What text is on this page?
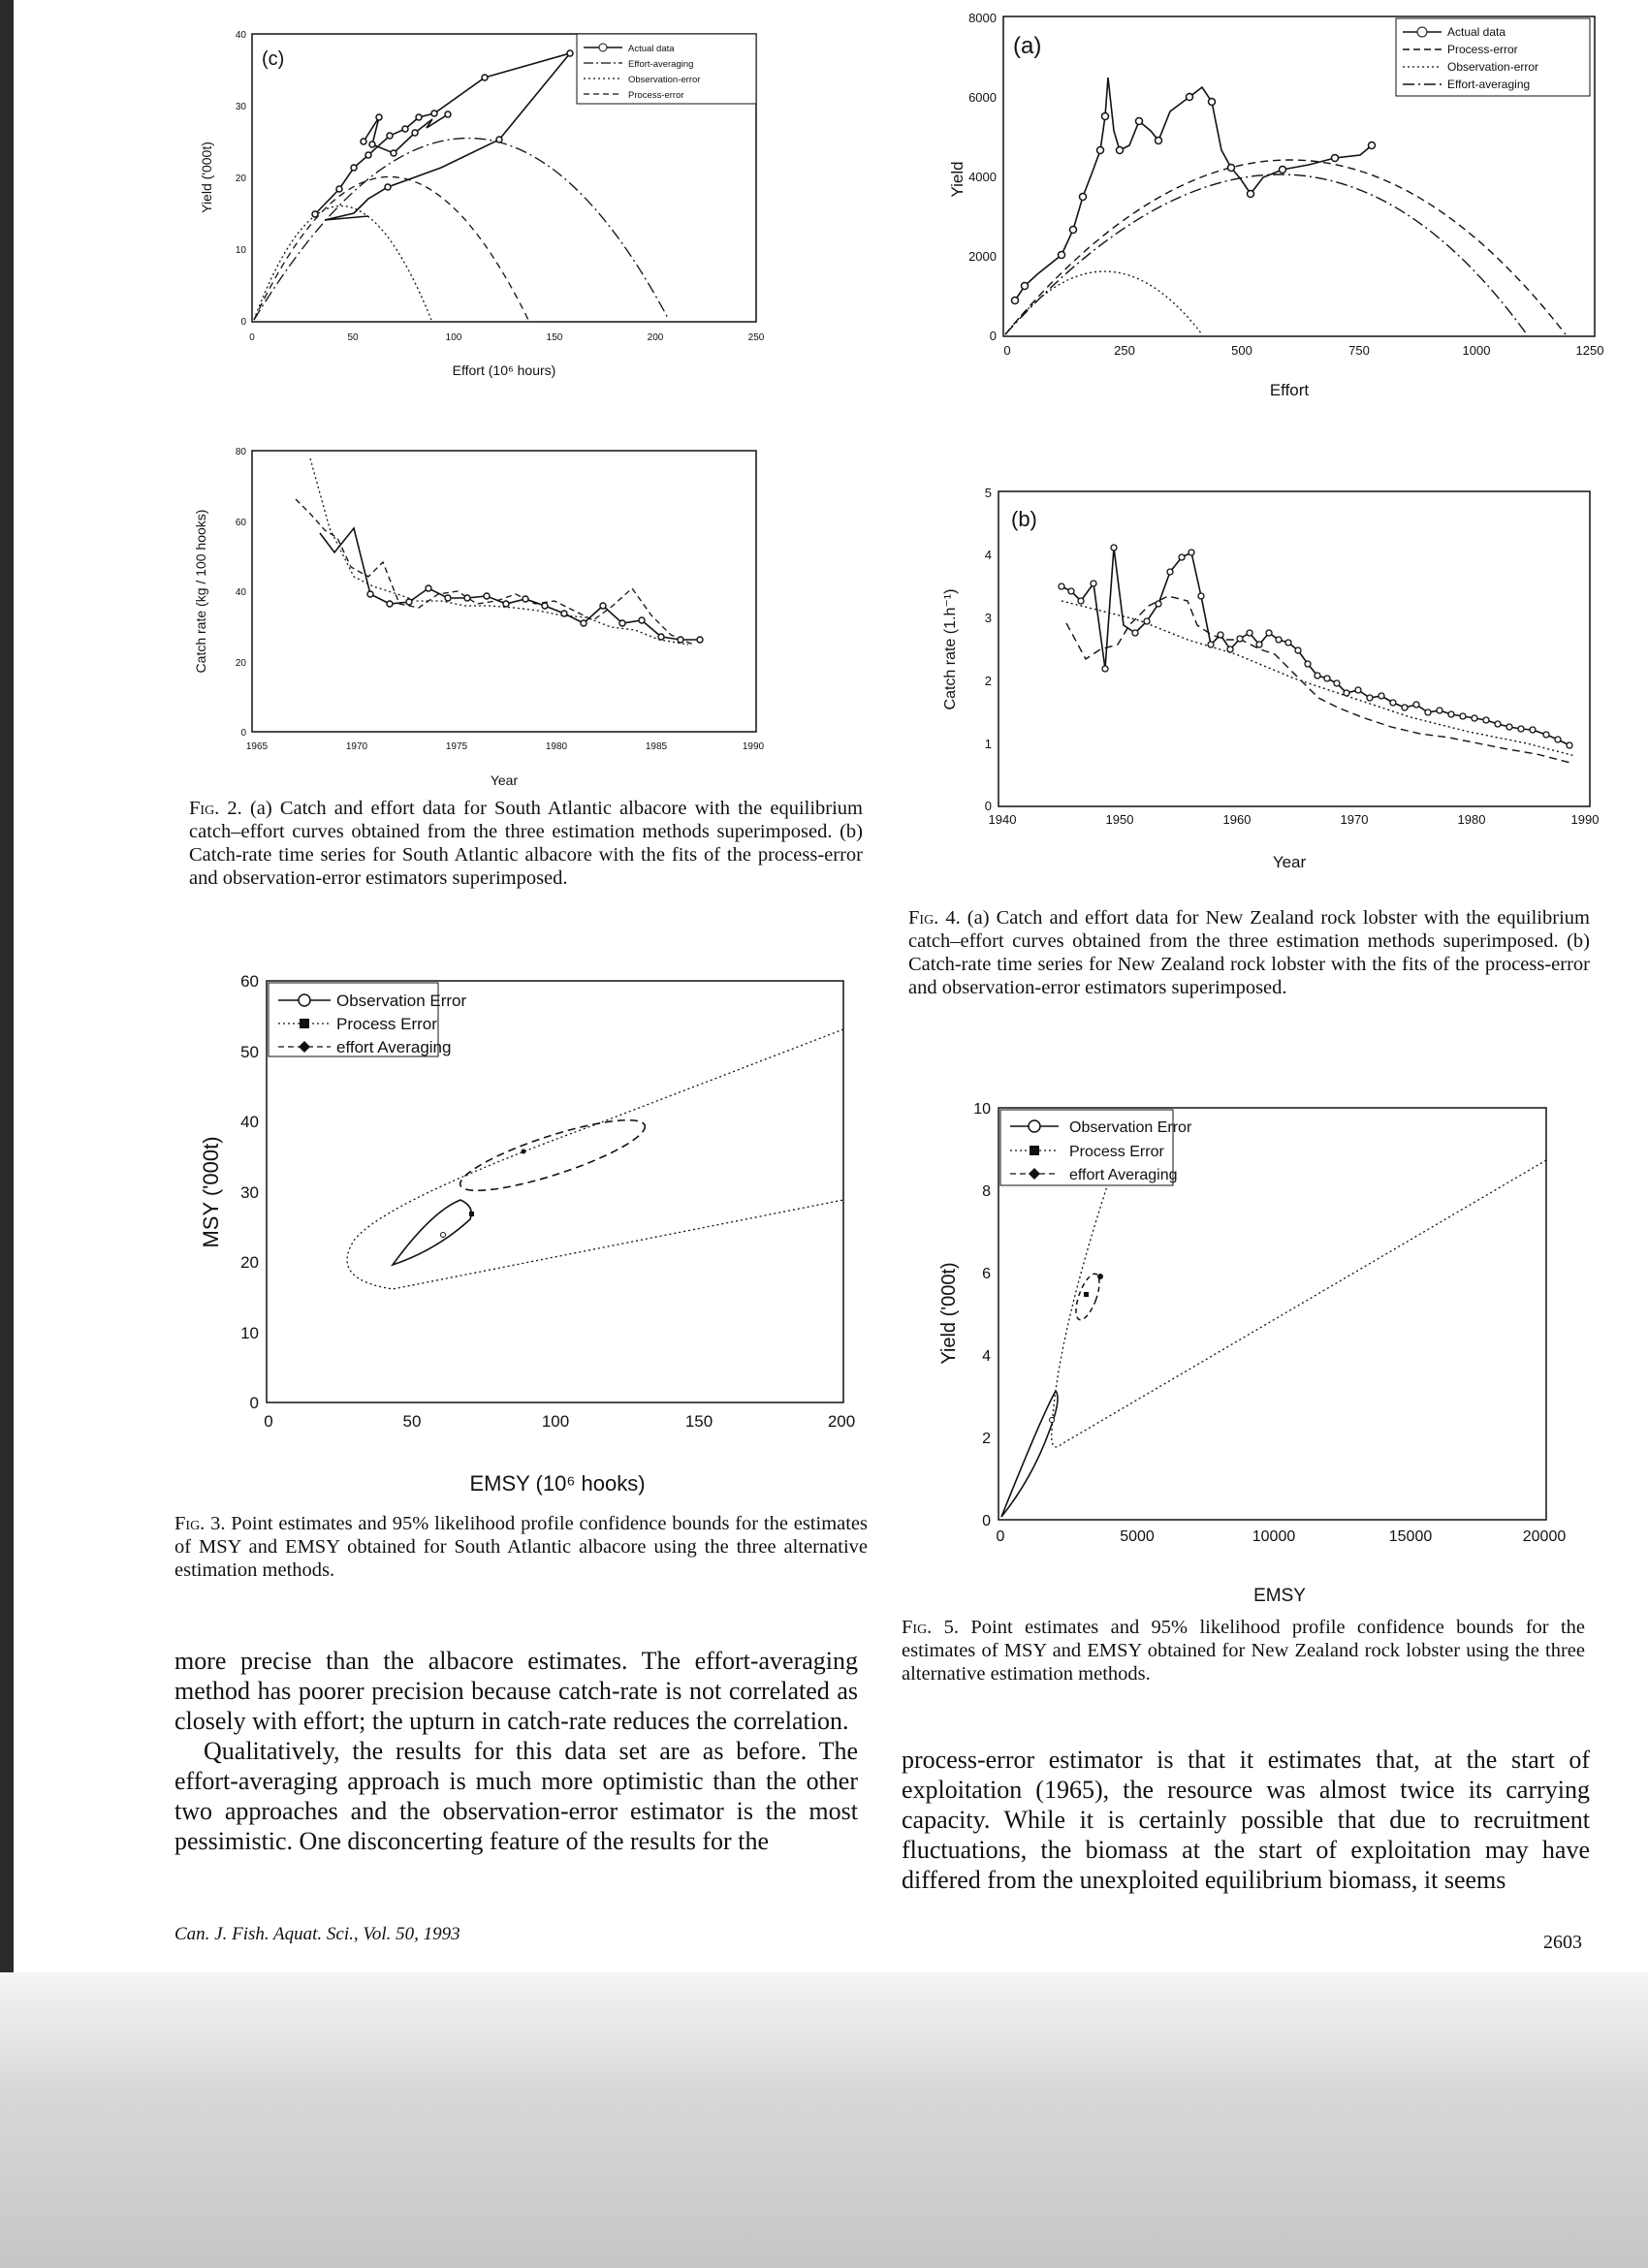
(c)
0	50	100	150	200	250
0
10
20
30
40
Effort (10⁶ hours)
Yield ('000t)
Actual data
Effort-averaging
Observation-error
Process-error
1965	1970	1975	1980	1985	1990
0
20
40
60
80
Year
Catch rate (kg / 100 hooks)
Fig. 2. (a) Catch and effort data for South Atlantic albacore with the equilibrium catch–effort curves obtained from the three estimation methods superimposed. (b) Catch-rate time series for South Atlantic albacore with the fits of the process-error and observation-error estimators superimposed.
0	50	100	150	200
0
10
20
30
40
50
60
EMSY (10⁶ hooks)
MSY ('000t)
Observation Error
Process Error
effort Averaging
Fig. 3. Point estimates and 95% likelihood profile confidence bounds for the estimates of MSY and EMSY obtained for South Atlantic albacore using the three alternative estimation methods.

more precise than the albacore estimates. The effort-averaging method has poorer precision because catch-rate is not correlated as closely with effort; the upturn in catch-rate reduces the correlation.

Qualitatively, the results for this data set are as before. The effort-averaging approach is much more optimistic than the other two approaches and the observation-error estimator is the most pessimistic. One disconcerting feature of the results for the

Can. J. Fish. Aquat. Sci., Vol. 50, 1993
(a)
0	250	500	750	1000	1250
0
2000
4000
6000
8000
Effort
Yield
Actual data
Process-error
Observation-error
Effort-averaging
(b)
1940	1950	1960	1970	1980	1990
0
1
2
3
4
5
Year
Catch rate (1.h⁻¹)
Fig. 4. (a) Catch and effort data for New Zealand rock lobster with the equilibrium catch–effort curves obtained from the three estimation methods superimposed. (b) Catch-rate time series for New Zealand rock lobster with the fits of the process-error and observation-error estimators superimposed.
0	5000	10000	15000	20000
0
2
4
6
8
10
EMSY
Yield ('000t)
Observation Error
Process Error
effort Averaging
Fig. 5. Point estimates and 95% likelihood profile confidence bounds for the estimates of MSY and EMSY obtained for New Zealand rock lobster using the three alternative estimation methods.

process-error estimator is that it estimates that, at the start of exploitation (1965), the resource was almost twice its carrying capacity. While it is certainly possible that due to recruitment fluctuations, the biomass at the start of exploitation may have differed from the unexploited equilibrium biomass, it seems

2603
